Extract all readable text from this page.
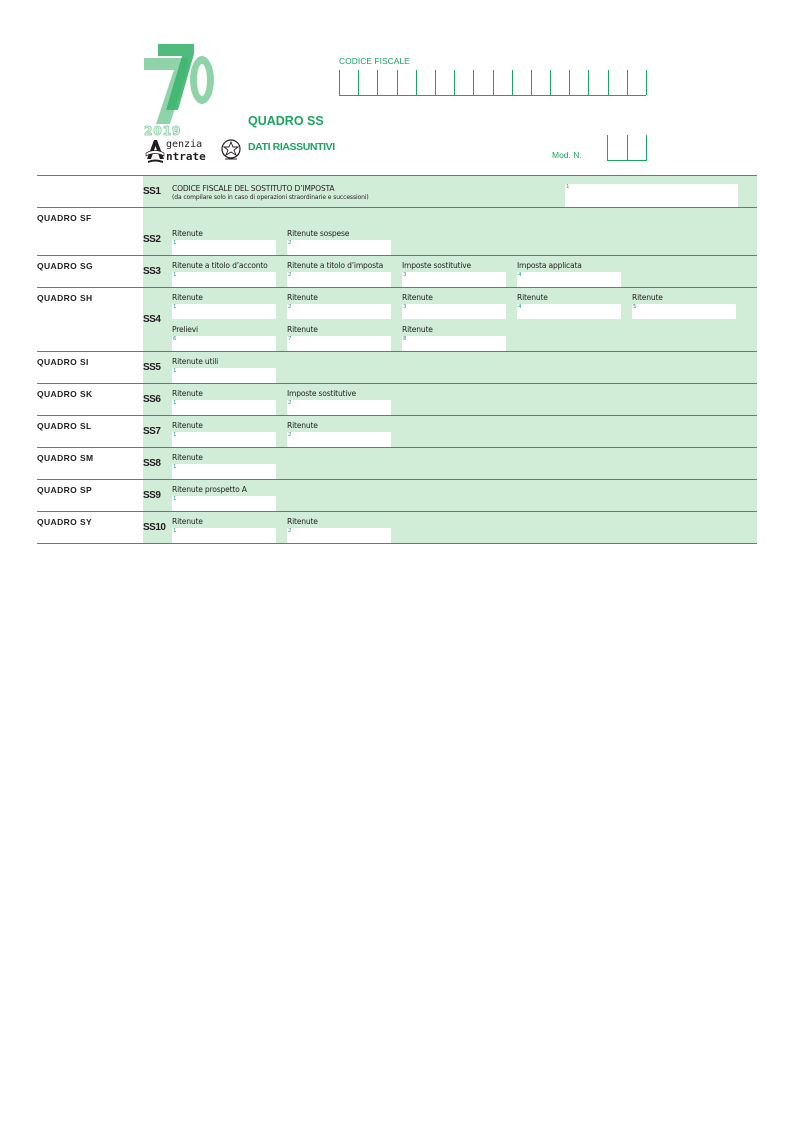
2019
genzia
ntrate
QUADRO SS
DATI RIASSUNTIVI
CODICE FISCALE
Mod. N.
SS1 CODICE FISCALE DEL SOSTITUTO D’IMPOSTA
(da compilare solo in caso di operazioni straordinarie e successioni)
1
QUADRO SF
SS2
Ritenute
1
Ritenute sospese
2
QUADRO SG	SS3
Ritenute a titolo d’acconto
1
Ritenute a titolo d’imposta
2
Imposte sostitutive
3
Imposta applicata
4
QUADRO SH
SS4
Ritenute
1
Ritenute
2
Ritenute
3
Ritenute
4
Ritenute
5
Prelievi
6
Ritenute
7
Ritenute
8
QUADRO SI	SS5
Ritenute utili
1
QUADRO SK	SS6
Ritenute
1
Imposte sostitutive
2
QUADRO SL	SS7
Ritenute
1
Ritenute
2
QUADRO SM	SS8
Ritenute
1
QUADRO SP	SS9
Ritenute prospetto A
1
QUADRO SY	SS10
Ritenute
1
Ritenute
2
